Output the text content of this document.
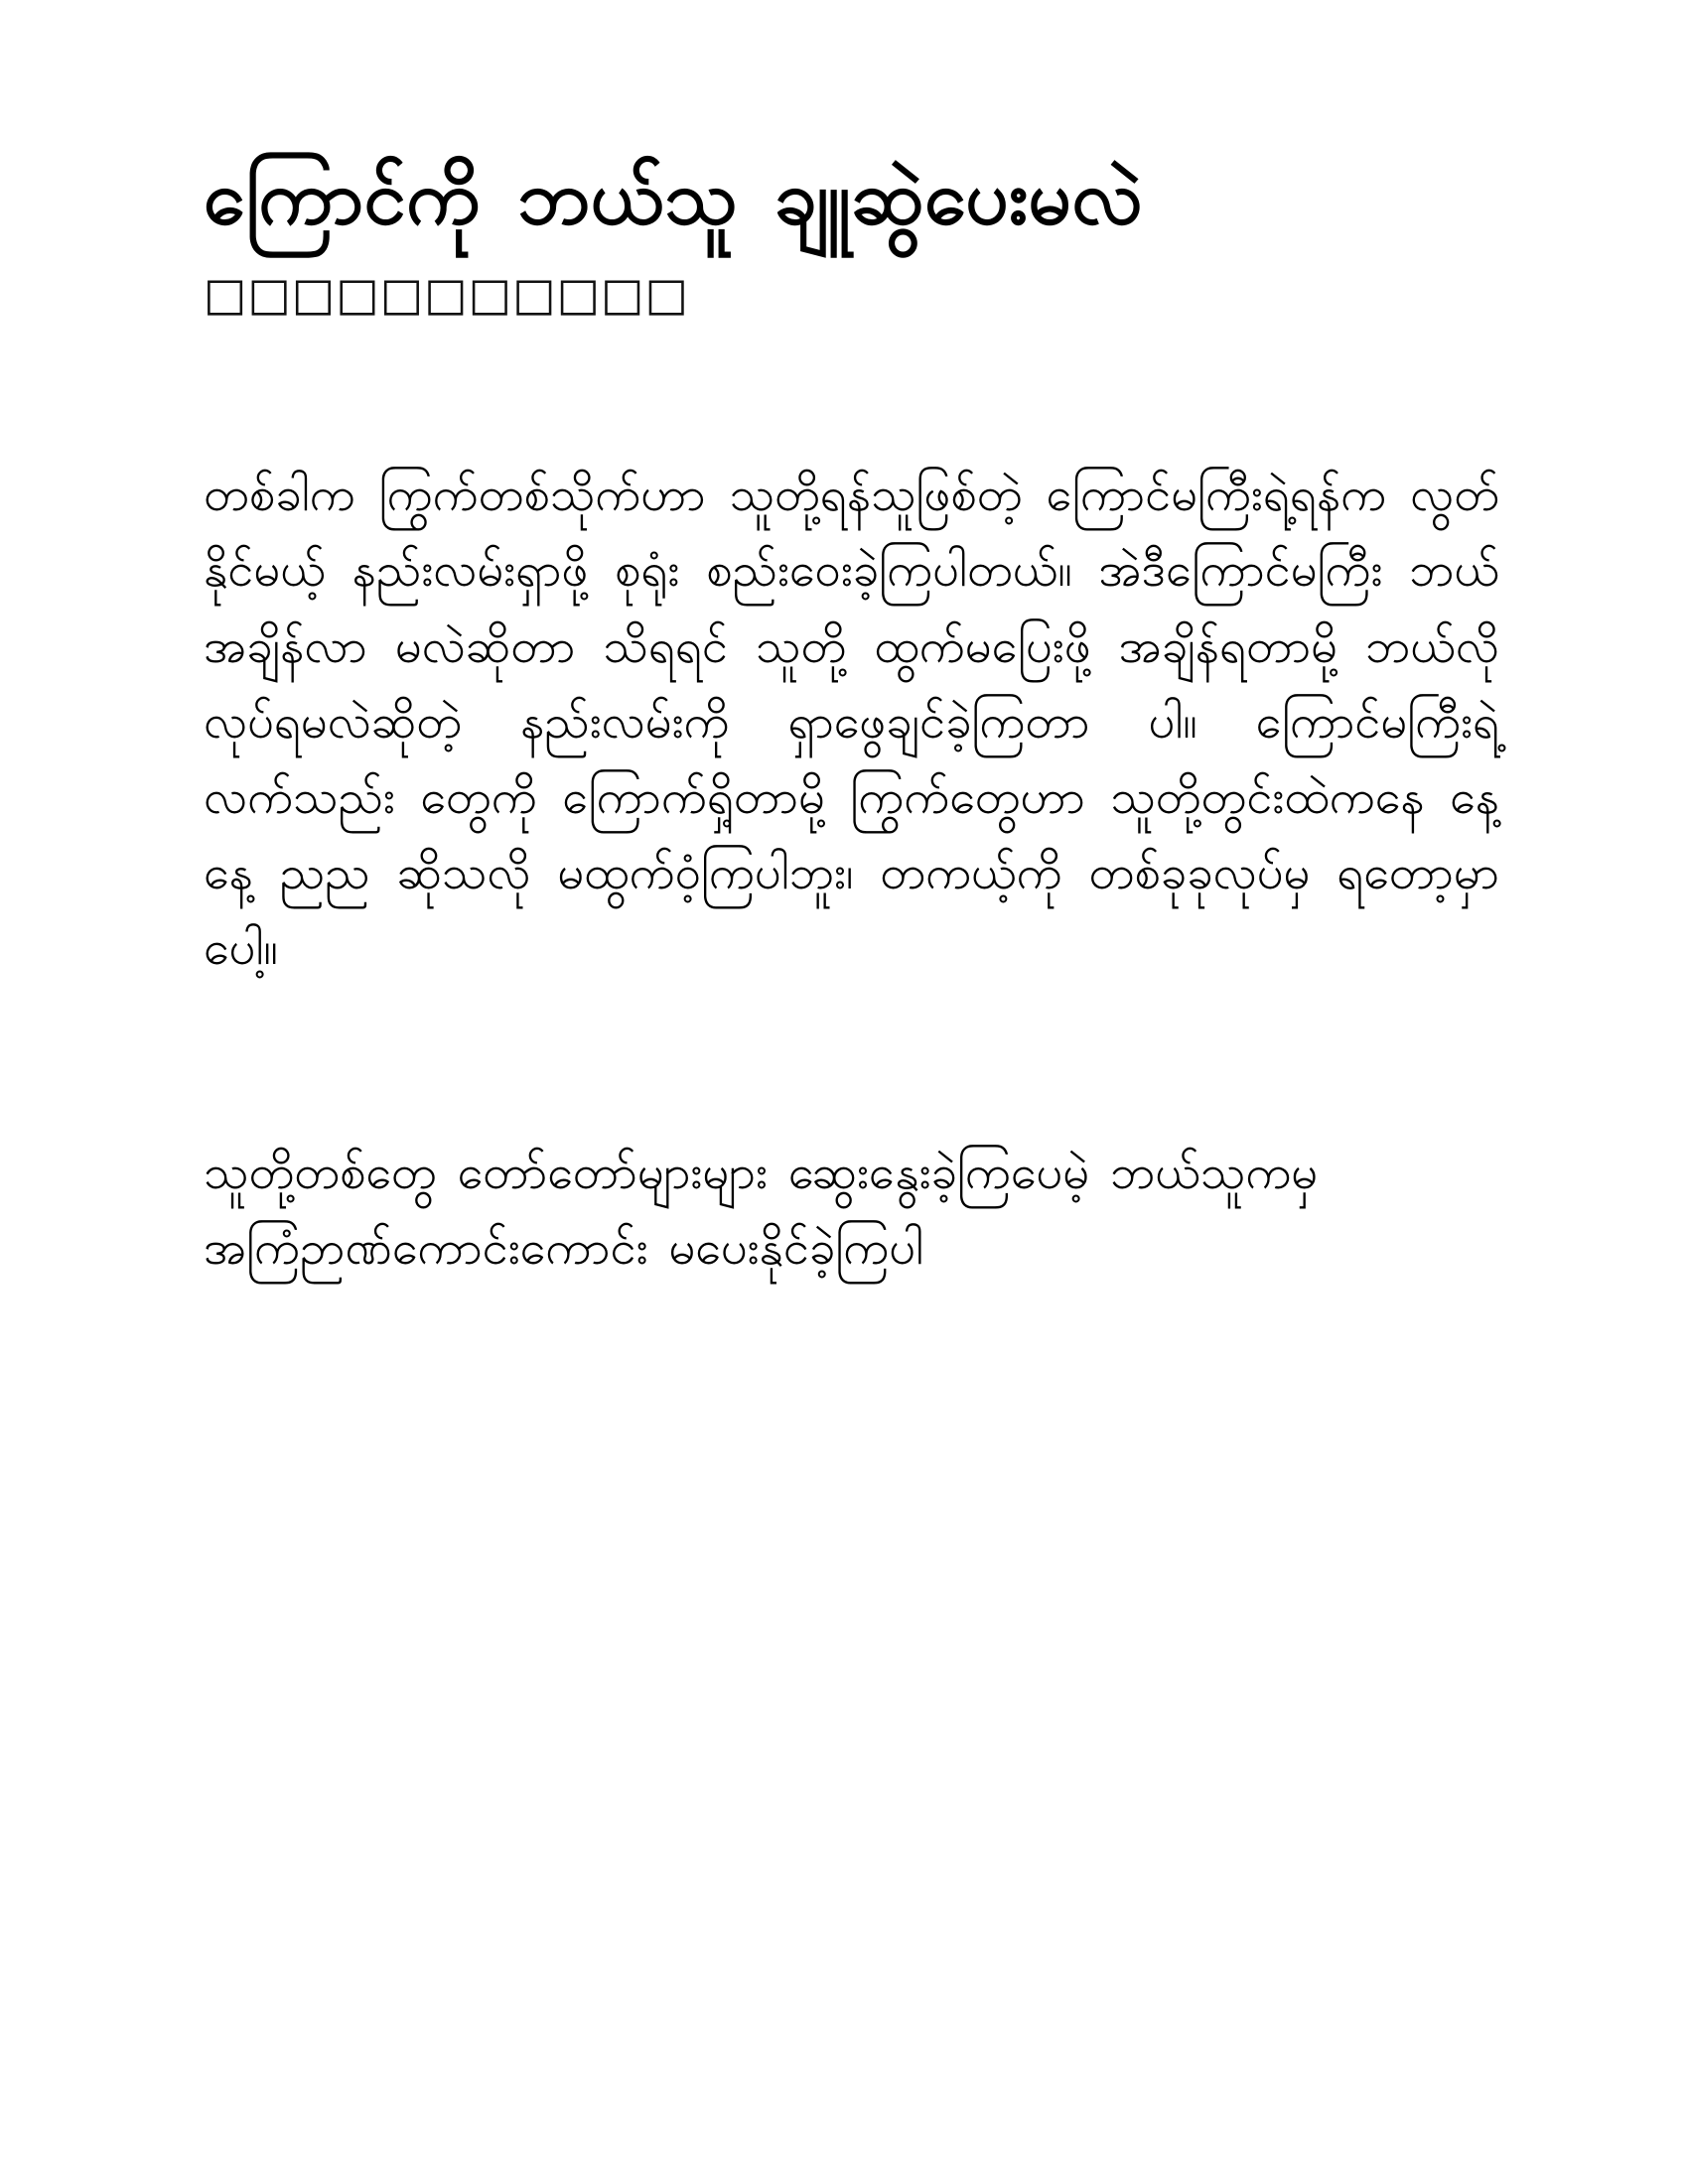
ကြောင်ကို ဘယ်သူ ချူဆွဲပေးမလဲ
□□□□□□□□□□□

တစ်ခါက ကြွက်တစ်သိုက်ဟာ သူတို့ရန်သူဖြစ်တဲ့ ကြောင်မကြီးရဲ့ရန်က လွတ်နိုင်မယ့် နည်းလမ်းရှာဖို့ စုရုံး စည်းဝေးခဲ့ကြပါတယ်။ အဲဒီကြောင်မကြီး ဘယ်အချိန်လာ မလဲဆိုတာ သိရရင် သူတို့ ထွက်မပြေးဖို့ အချိန်ရတာမို့ ဘယ်လို လုပ်ရမလဲဆိုတဲ့ နည်းလမ်းကို ရှာဖွေချင်ခဲ့ကြတာ ပါ။ ကြောင်မကြီးရဲ့ လက်သည်း တွေကို ကြောက်ရှိ့တာမို့ ကြွက်တွေဟာ သူတို့တွင်းထဲကနေ နေ့နေ့ ညည ဆိုသလို မထွက်ဝံ့ကြပါဘူး၊ တကယ့်ကို တစ်ခုခုလုပ်မှ ရတော့မှာ ပေါ့။

သူတို့တစ်တွေ တော်တော်များများ ဆွေးနွေးခဲ့ကြပေမဲ့ ဘယ်သူကမှ အကြံဉာဏ်ကောင်းကောင်း မပေးနိုင်ခဲ့ကြပါ
